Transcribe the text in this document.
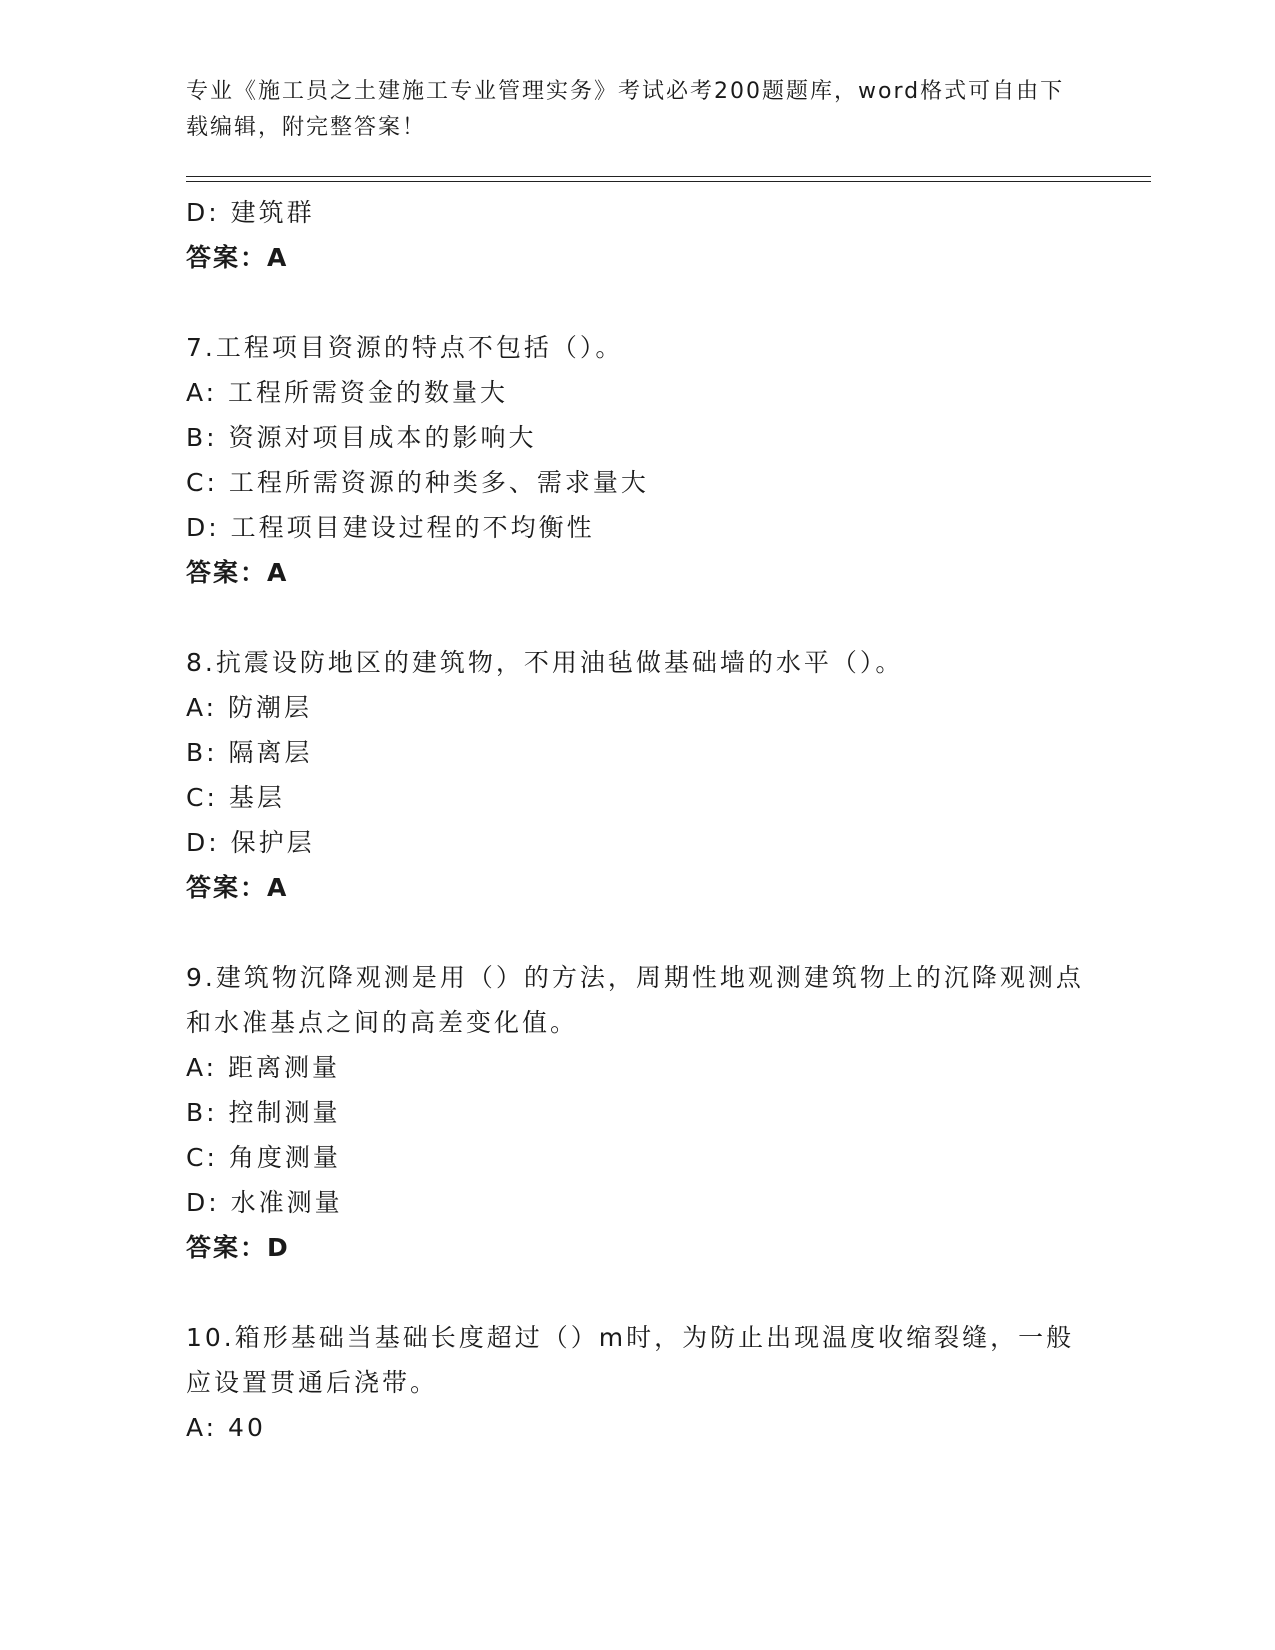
专业《施工员之土建施工专业管理实务》考试必考200题题库，word格式可自由下载编辑，附完整答案！
D: 建筑群
答案：A
7.工程项目资源的特点不包括（）。
A: 工程所需资金的数量大
B: 资源对项目成本的影响大
C: 工程所需资源的种类多、需求量大
D: 工程项目建设过程的不均衡性
答案：A
8.抗震设防地区的建筑物，不用油毡做基础墙的水平（）。
A: 防潮层
B: 隔离层
C: 基层
D: 保护层
答案：A
9.建筑物沉降观测是用（）的方法，周期性地观测建筑物上的沉降观测点和水准基点之间的高差变化值。
A: 距离测量
B: 控制测量
C: 角度测量
D: 水准测量
答案：D
10.箱形基础当基础长度超过（）m时，为防止出现温度收缩裂缝，一般应设置贯通后浇带。
A: 40
